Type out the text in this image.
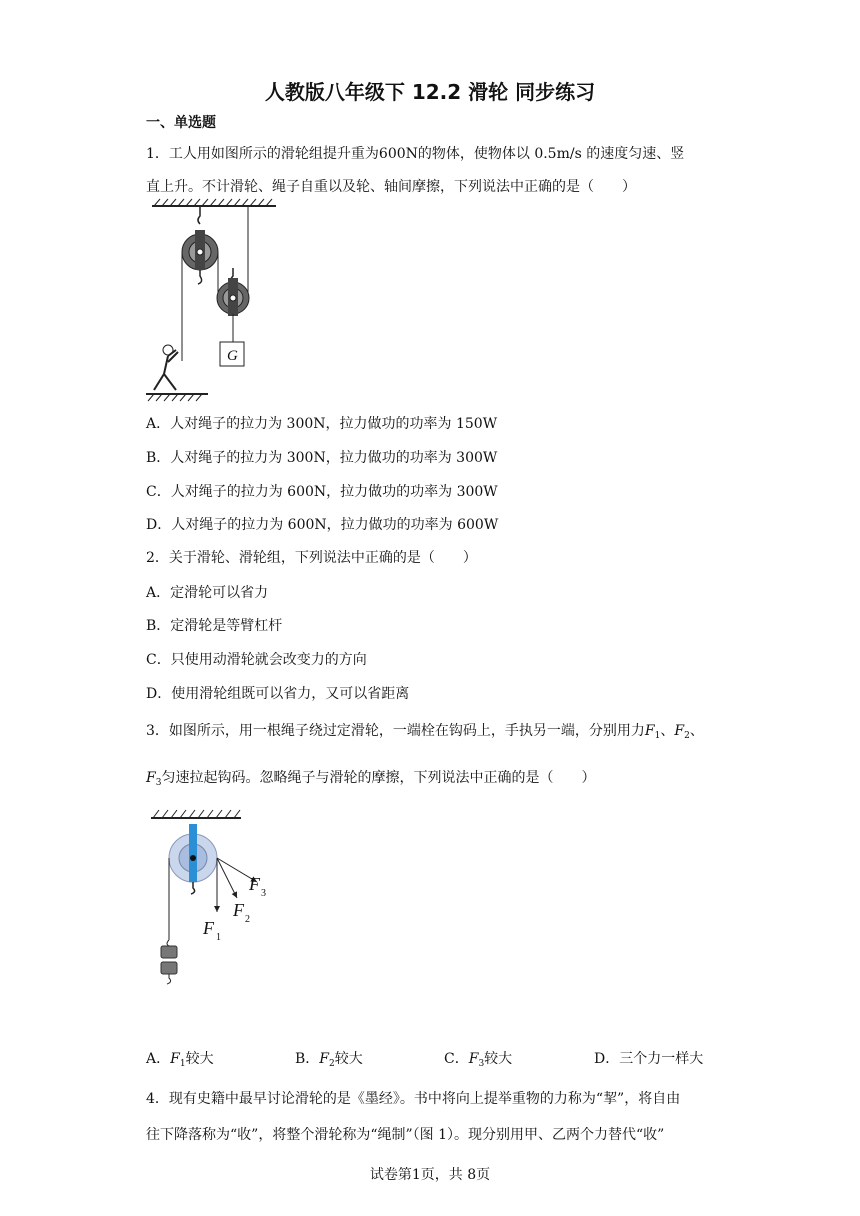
人教版八年级下 12.2 滑轮 同步练习
一、单选题
1．工人用如图所示的滑轮组提升重为600N的物体，使物体以 0.5m/s 的速度匀速、竖
直上升。不计滑轮、绳子自重以及轮、轴间摩擦，下列说法中正确的是（　　）
G
A．人对绳子的拉力为 300N，拉力做功的功率为 150W
B．人对绳子的拉力为 300N，拉力做功的功率为 300W
C．人对绳子的拉力为 600N，拉力做功的功率为 300W
D．人对绳子的拉力为 600N，拉力做功的功率为 600W
2．关于滑轮、滑轮组，下列说法中正确的是（　　）
A．定滑轮可以省力
B．定滑轮是等臂杠杆
C．只使用动滑轮就会改变力的方向
D．使用滑轮组既可以省力，又可以省距离
3．如图所示，用一根绳子绕过定滑轮，一端栓在钩码上，手执另一端，分别用力$F_1$、$F_2$、
$F_3$匀速拉起钩码。忽略绳子与滑轮的摩擦，下列说法中正确的是（　　）
F
F
F
3
2
1
A．$F_1$较大	B．$F_2$较大	C．$F_3$较大	D．三个力一样大
4．现有史籍中最早讨论滑轮的是《墨经》。书中将向上提举重物的力称为“挈”，将自由
往下降落称为“收”，将整个滑轮称为“绳制”（图 1）。现分别用甲、乙两个力替代“收”
试卷第1页，共 8页
